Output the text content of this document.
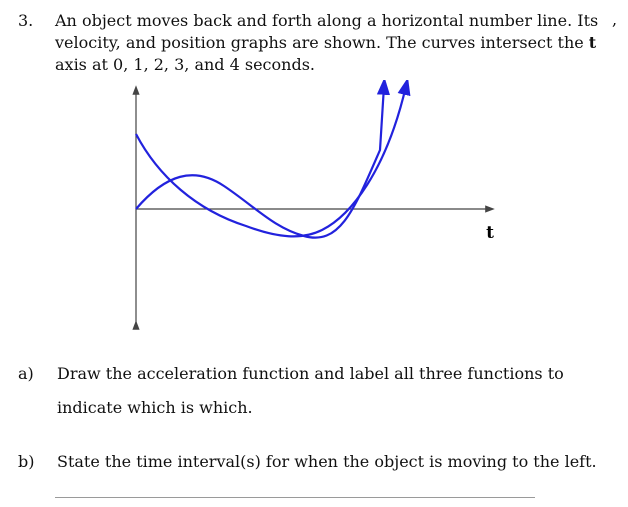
3. An object moves back and forth along a horizontal number line. Its
velocity, and position graphs are shown. The curves intersect the t
axis at 0, 1, 2, 3, and 4 seconds.
,
t
a) Draw the acceleration function and label all three functions to
indicate which is which.
b) State the time interval(s) for when the object is moving to the left.
